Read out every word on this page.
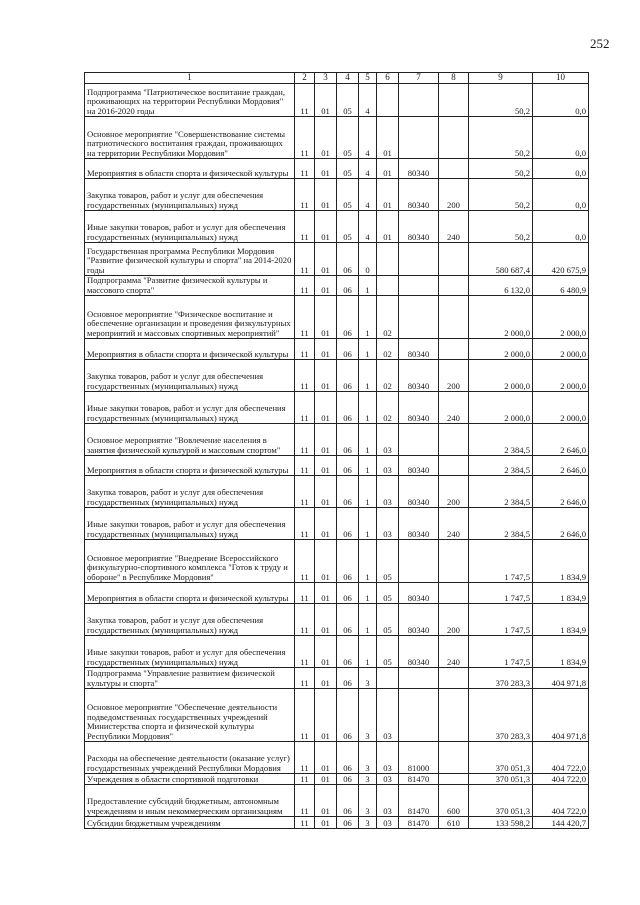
252
1	2	3	4	5	6	7	8	9	10
Подпрограмма "Патриотическое воспитание граждан, проживающих на территории Республики Мордовия" на 2016-2020 годы	11	01	05	4				50,2	0,0
Основное мероприятие "Совершенствование системы патриотического воспитания граждан, проживающих на территории Республики Мордовия"	11	01	05	4	01			50,2	0,0
Мероприятия в области спорта и физической культуры	11	01	05	4	01	80340		50,2	0,0
Закупка товаров, работ и услуг для обеспечения государственных (муниципальных) нужд	11	01	05	4	01	80340	200	50,2	0,0
Иные закупки товаров, работ и услуг для обеспечения государственных (муниципальных) нужд	11	01	05	4	01	80340	240	50,2	0,0
Государственная программа Республики Мордовия "Развитие физической культуры и спорта" на 2014-2020 годы	11	01	06	0				580 687,4	420 675,9
Подпрограмма "Развитие физической культуры и массового спорта"	11	01	06	1				6 132,0	6 480,9
Основное мероприятие "Физическое воспитание и обеспечение организации и проведения физкультурных мероприятий и массовых спортивных мероприятий"	11	01	06	1	02			2 000,0	2 000,0
Мероприятия в области спорта и физической культуры	11	01	06	1	02	80340		2 000,0	2 000,0
Закупка товаров, работ и услуг для обеспечения государственных (муниципальных) нужд	11	01	06	1	02	80340	200	2 000,0	2 000,0
Иные закупки товаров, работ и услуг для обеспечения государственных (муниципальных) нужд	11	01	06	1	02	80340	240	2 000,0	2 000,0
Основное мероприятие "Вовлечение населения в занятия физической культурой и массовым спортом"	11	01	06	1	03			2 384,5	2 646,0
Мероприятия в области спорта и физической культуры	11	01	06	1	03	80340		2 384,5	2 646,0
Закупка товаров, работ и услуг для обеспечения государственных (муниципальных) нужд	11	01	06	1	03	80340	200	2 384,5	2 646,0
Иные закупки товаров, работ и услуг для обеспечения государственных (муниципальных) нужд	11	01	06	1	03	80340	240	2 384,5	2 646,0
Основное мероприятие "Внедрение Всероссийского физкультурно-спортивного комплекса "Готов к труду и обороне" в Республике Мордовия"	11	01	06	1	05			1 747,5	1 834,9
Мероприятия в области спорта и физической культуры	11	01	06	1	05	80340		1 747,5	1 834,9
Закупка товаров, работ и услуг для обеспечения государственных (муниципальных) нужд	11	01	06	1	05	80340	200	1 747,5	1 834,9
Иные закупки товаров, работ и услуг для обеспечения государственных (муниципальных) нужд	11	01	06	1	05	80340	240	1 747,5	1 834,9
Подпрограмма "Управление развитием физической культуры и спорта"	11	01	06	3				370 283,3	404 971,8
Основное мероприятие "Обеспечение деятельности подведомственных государственных учреждений Министерства спорта и физической культуры Республики Мордовия"	11	01	06	3	03			370 283,3	404 971,8
Расходы на обеспечение деятельности (оказание услуг) государственных учреждений Республики Мордовия	11	01	06	3	03	81000		370 051,3	404 722,0
Учреждения в области спортивной подготовки	11	01	06	3	03	81470		370 051,3	404 722,0
Предоставление субсидий бюджетным, автономным учреждениям и иным некоммерческим организациям	11	01	06	3	03	81470	600	370 051,3	404 722,0
Субсидии бюджетным учреждениям	11	01	06	3	03	81470	610	133 598,2	144 420,7
